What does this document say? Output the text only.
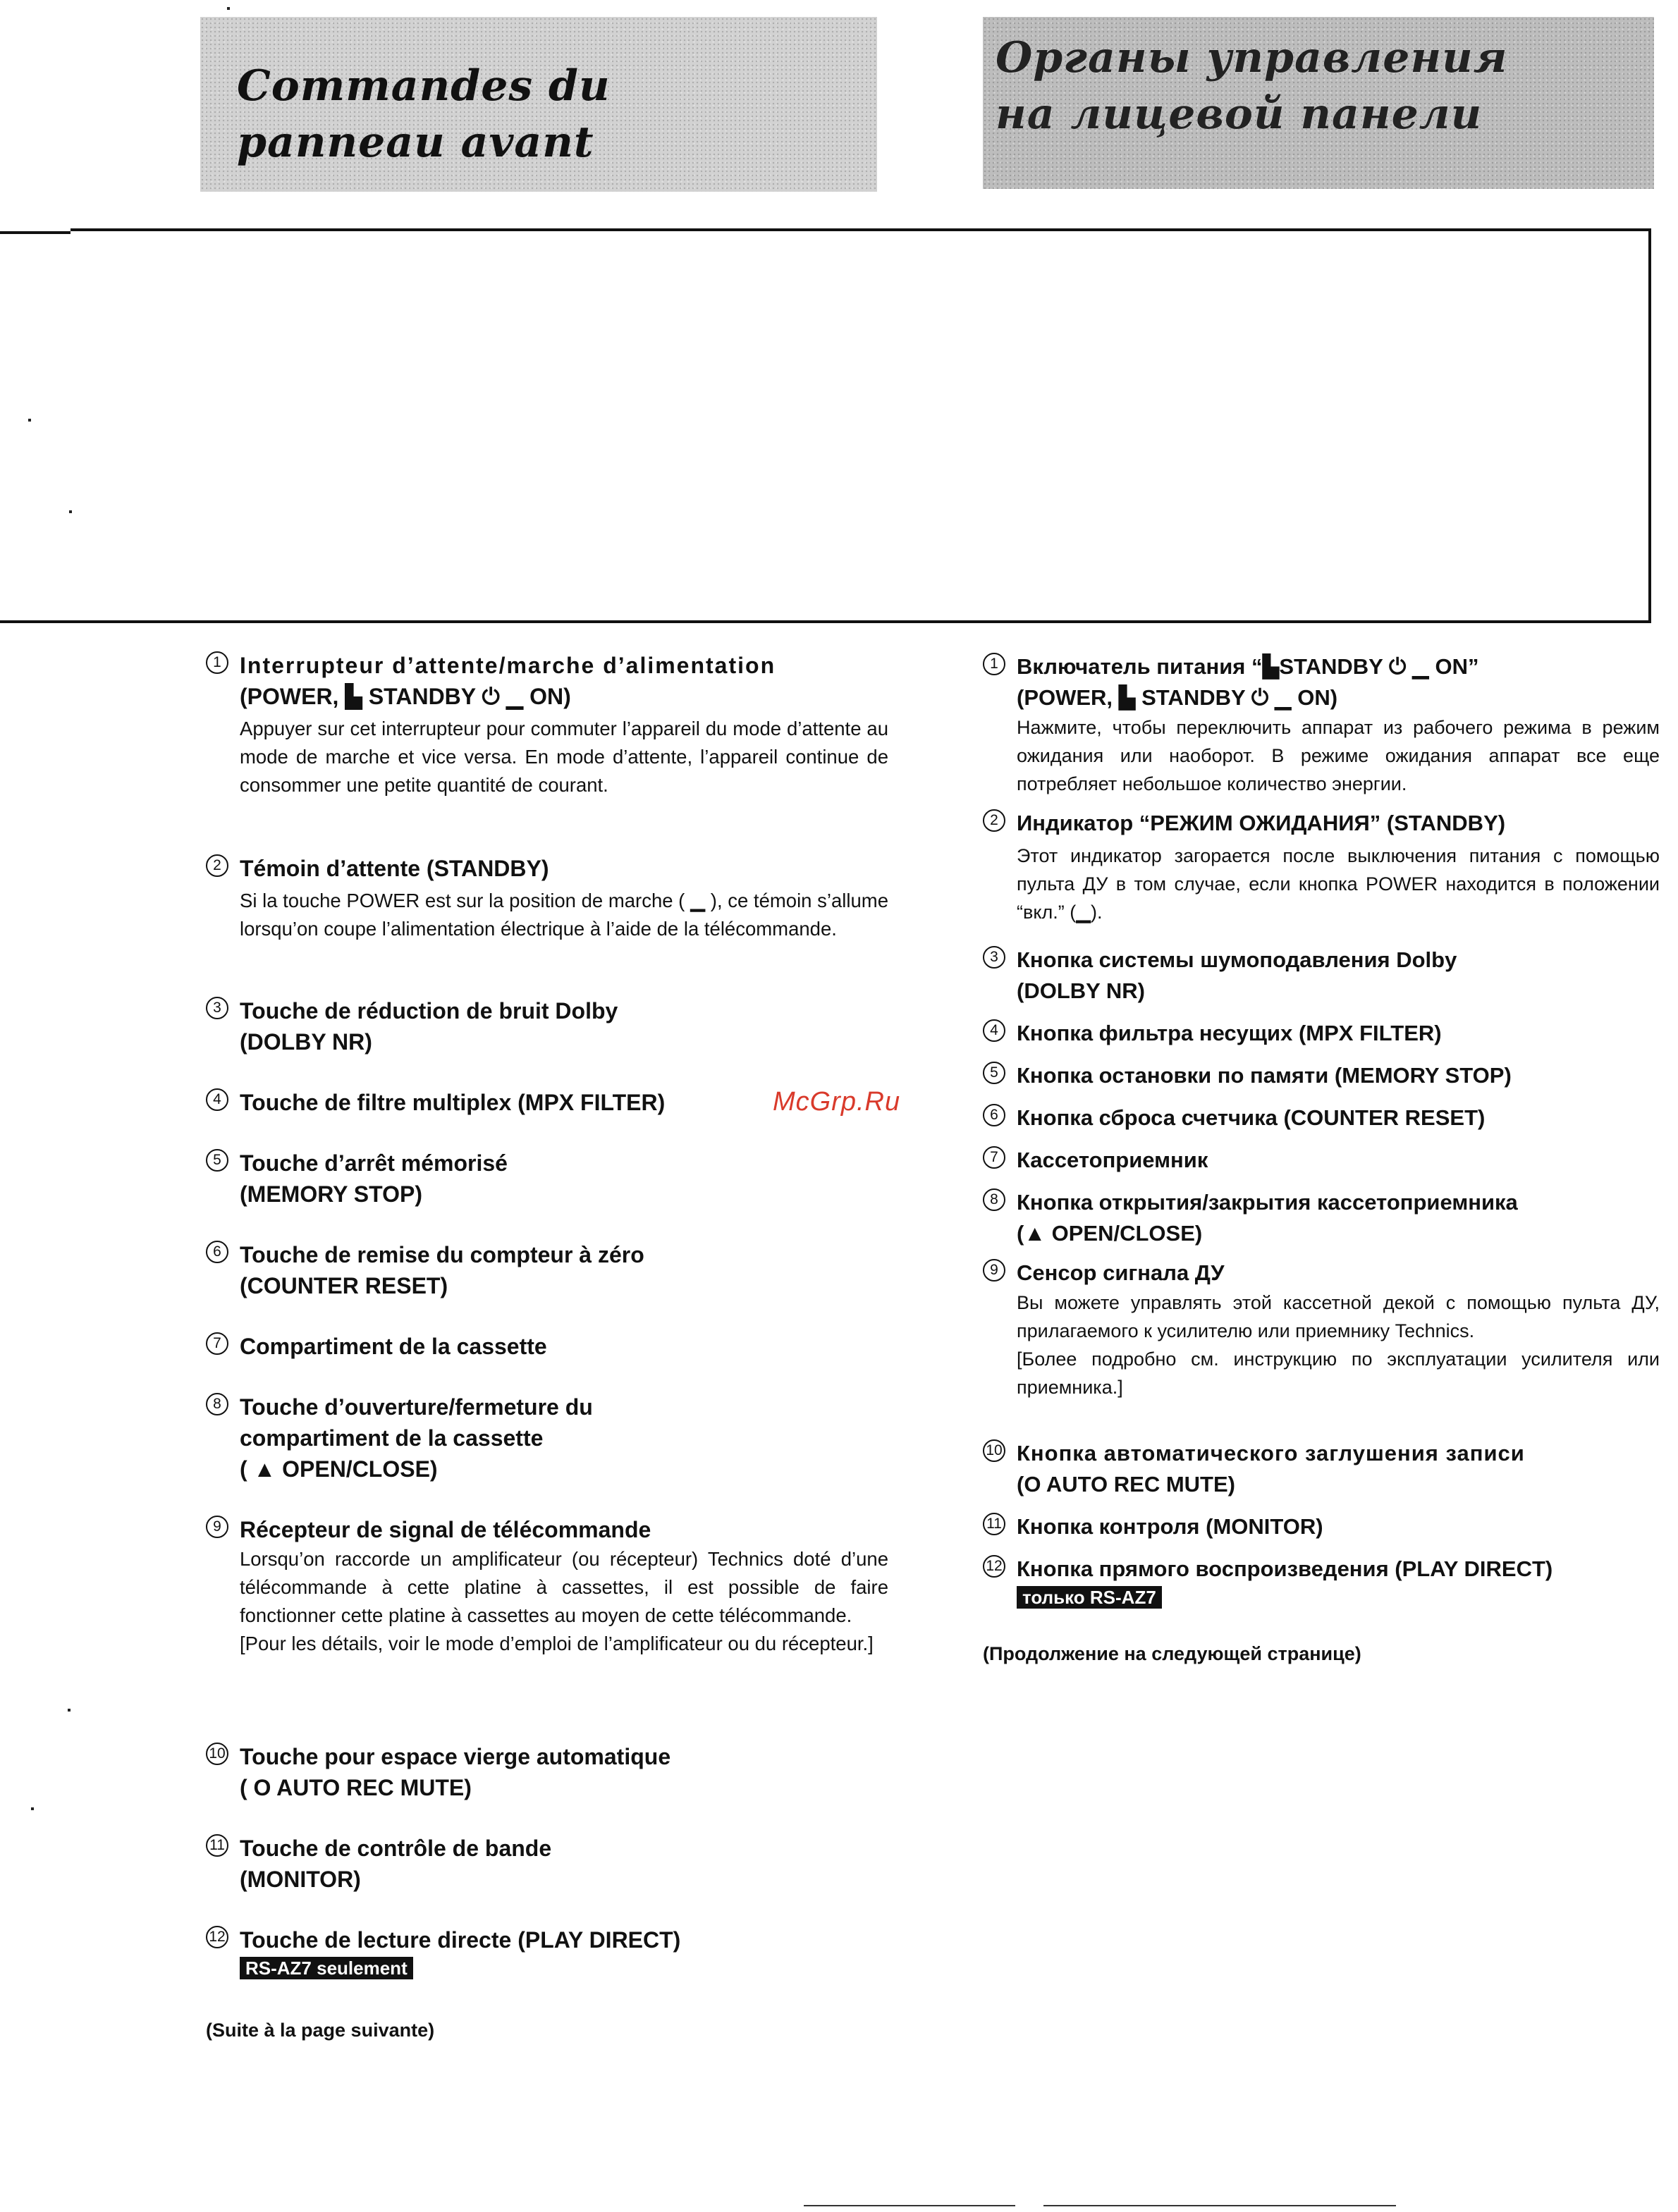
Commandes du panneau avant

Органы управления на лицевой панели

McGrp.Ru

1 Interrupteur d’attente/marche d’alimentation

(POWER, ▙ STANDBY ⏻ ▁ ON)

Appuyer sur cet interrupteur pour commuter l’appareil du mode d’attente au mode de marche et vice versa. En mode d’attente, l’appareil continue de consommer une petite quantité de courant.

2 Témoin d’attente (STANDBY)

Si la touche POWER est sur la position de marche ( ▁ ), ce témoin s’allume lorsqu’on coupe l’alimentation électrique à l’aide de la télécommande.

3 Touche de réduction de bruit Dolby

(DOLBY NR)

4 Touche de filtre multiplex (MPX FILTER)

5 Touche d’arrêt mémorisé

(MEMORY STOP)

6 Touche de remise du compteur à zéro

(COUNTER RESET)

7 Compartiment de la cassette

8 Touche d’ouverture/fermeture du

compartiment de la cassette

( ▲ OPEN/CLOSE)

9 Récepteur de signal de télécommande

Lorsqu’on raccorde un amplificateur (ou récepteur) Technics doté d’une télécommande à cette platine à cassettes, il est possible de faire fonctionner cette platine à cassettes au moyen de cette télécommande.

[Pour les détails, voir le mode d’emploi de l’amplificateur ou du récepteur.]

10 Touche pour espace vierge automatique

( O AUTO REC MUTE)

11 Touche de contrôle de bande

(MONITOR)

12 Touche de lecture directe (PLAY DIRECT)

RS-AZ7 seulement

(Suite à la page suivante)

1 Включатель питания “▙STANDBY ⏻ ▁ ON”

(POWER, ▙ STANDBY ⏻ ▁ ON)

Нажмите, чтобы переключить аппарат из рабочего режима в режим ожидания или наоборот. В режиме ожидания аппарат все еще потребляет небольшое количество энергии.

2 Индикатор “РЕЖИМ ОЖИДАНИЯ” (STANDBY)

Этот индикатор загорается после выключения питания с помощью пульта ДУ в том случае, если кнопка POWER находится в положении “вкл.” (▁).

3 Кнопка системы шумоподавления Dolby

(DOLBY NR)

4 Кнопка фильтра несущих (MPX FILTER)

5 Кнопка остановки по памяти (MEMORY STOP)

6 Кнопка сброса счетчика (COUNTER RESET)

7 Кассетоприемник

8 Кнопка открытия/закрытия кассетоприемника

(▲ OPEN/CLOSE)

9 Сенсор сигнала ДУ

Вы можете управлять этой кассетной декой с помощью пульта ДУ, прилагаемого к усилителю или приемнику Technics.

[Более подробно см. инструкцию по эксплуатации усилителя или приемника.]

10 Кнопка автоматического заглушения записи

(O AUTO REC MUTE)

11 Кнопка контроля (MONITOR)

12 Кнопка прямого воспроизведения (PLAY DIRECT)

только RS-AZ7

(Продолжение на следующей странице)
